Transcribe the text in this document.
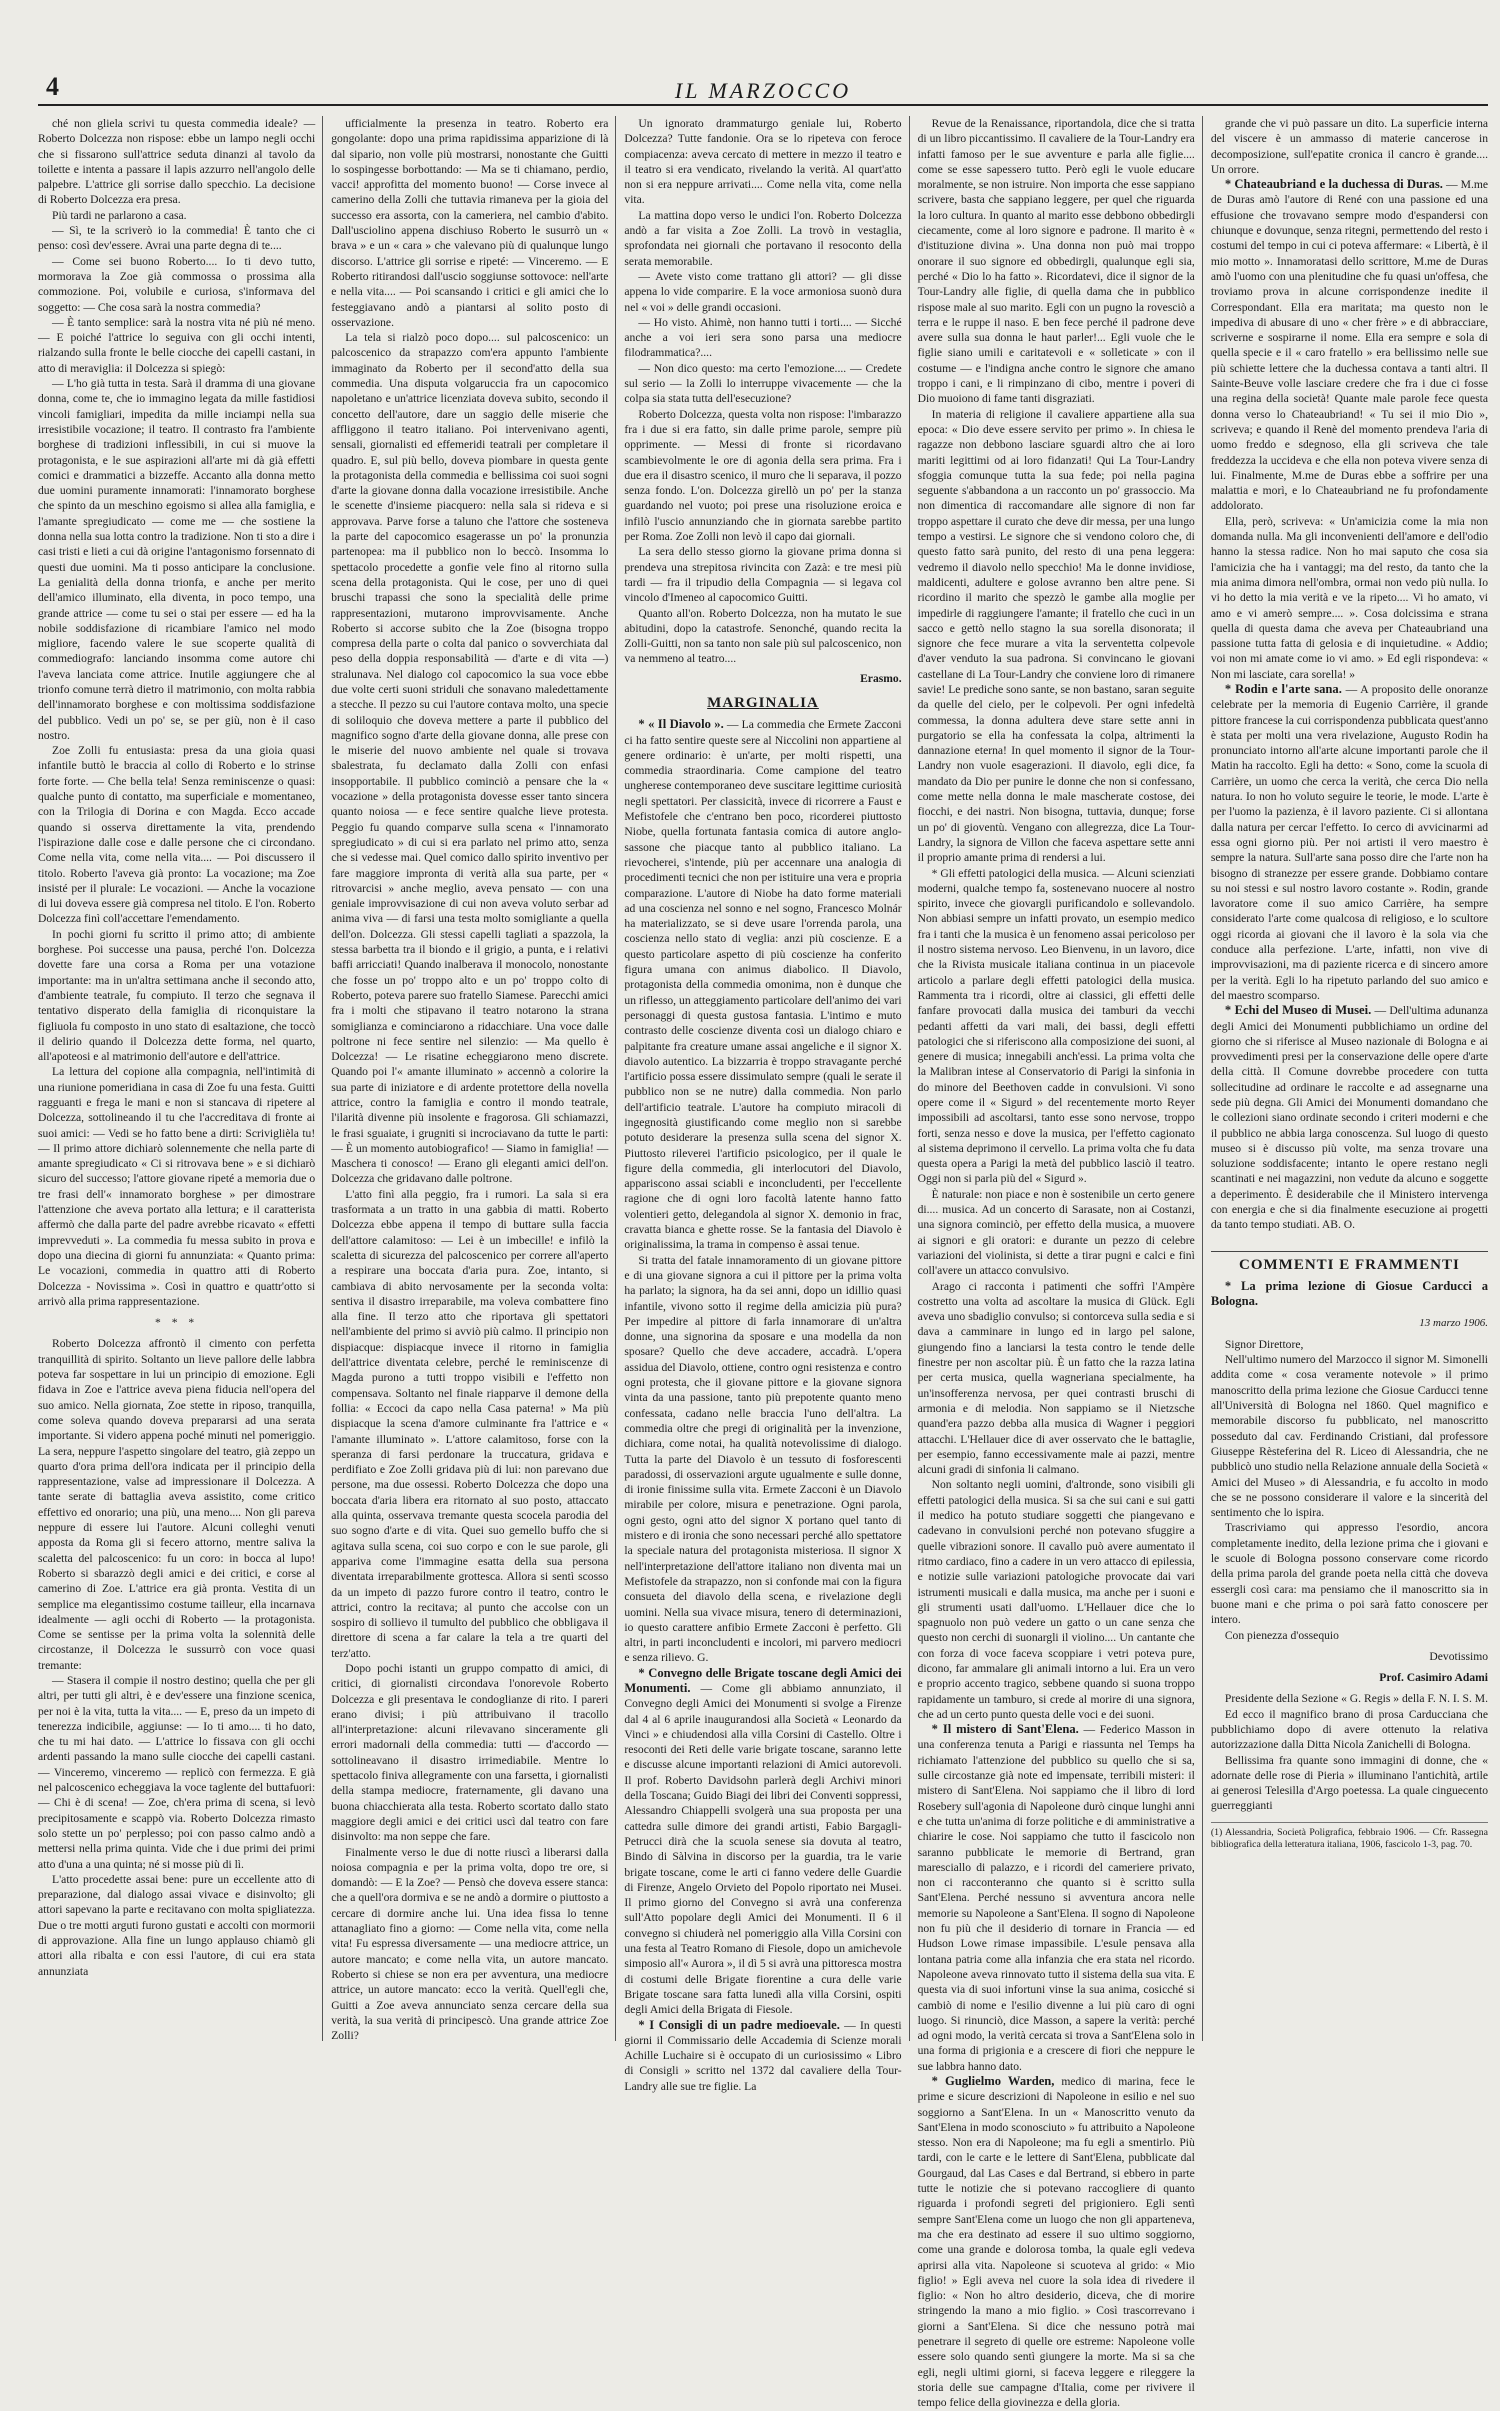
4	IL MARZOCCO

ché non gliela scrivi tu questa commedia ideale? — Roberto Dolcezza non rispose: ebbe un lampo negli occhi che si fissarono sull'attrice seduta dinanzi al tavolo da toilette e intenta a passare il lapis azzurro nell'angolo delle palpebre. L'attrice gli sorrise dallo specchio. La decisione di Roberto Dolcezza era presa.

Più tardi ne parlarono a casa.

— Sì, te la scriverò io la commedia! È tanto che ci penso: così dev'essere. Avrai una parte degna di te....

— Come sei buono Roberto.... Io ti devo tutto, mormorava la Zoe già commossa o prossima alla commozione. Poi, volubile e curiosa, s'informava del soggetto: — Che cosa sarà la nostra commedia?

— È tanto semplice: sarà la nostra vita né più né meno. — E poiché l'attrice lo seguiva con gli occhi intenti, rialzando sulla fronte le belle ciocche dei capelli castani, in atto di meraviglia: il Dolcezza si spiegò:

— L'ho già tutta in testa. Sarà il dramma di una giovane donna, come te, che io immagino legata da mille fastidiosi vincoli famigliari, impedita da mille inciampi nella sua irresistibile vocazione; il teatro. Il contrasto fra l'ambiente borghese di tradizioni inflessibili, in cui si muove la protagonista, e le sue aspirazioni all'arte mi dà già effetti comici e drammatici a bizzeffe. Accanto alla donna metto due uomini puramente innamorati: l'innamorato borghese che spinto da un meschino egoismo si allea alla famiglia, e l'amante spregiudicato — come me — che sostiene la donna nella sua lotta contro la tradizione. Non ti sto a dire i casi tristi e lieti a cui dà origine l'antagonismo forsennato di questi due uomini. Ma ti posso anticipare la conclusione. La genialità della donna trionfa, e anche per merito dell'amico illuminato, ella diventa, in poco tempo, una grande attrice — come tu sei o stai per essere — ed ha la nobile soddisfazione di ricambiare l'amico nel modo migliore, facendo valere le sue scoperte qualità di commediografo: lanciando insomma come autore chi l'aveva lanciata come attrice. Inutile aggiungere che al trionfo comune terrà dietro il matrimonio, con molta rabbia dell'innamorato borghese e con moltissima soddisfazione del pubblico. Vedi un po' se, se per giù, non è il caso nostro.

Zoe Zolli fu entusiasta: presa da una gioia quasi infantile buttò le braccia al collo di Roberto e lo strinse forte forte. — Che bella tela! Senza reminiscenze o quasi: qualche punto di contatto, ma superficiale e momentaneo, con la Trilogia di Dorina e con Magda. Ecco accade quando si osserva direttamente la vita, prendendo l'ispirazione dalle cose e dalle persone che ci circondano. Come nella vita, come nella vita.... — Poi discussero il titolo. Roberto l'aveva già pronto: La vocazione; ma Zoe insisté per il plurale: Le vocazioni. — Anche la vocazione di lui doveva essere già compresa nel titolo. E l'on. Roberto Dolcezza finì coll'accettare l'emendamento.

In pochi giorni fu scritto il primo atto; di ambiente borghese. Poi successe una pausa, perché l'on. Dolcezza dovette fare una corsa a Roma per una votazione importante: ma in un'altra settimana anche il secondo atto, d'ambiente teatrale, fu compiuto. Il terzo che segnava il tentativo disperato della famiglia di riconquistare la figliuola fu composto in uno stato di esaltazione, che toccò il delirio quando il Dolcezza dette forma, nel quarto, all'apoteosi e al matrimonio dell'autore e dell'attrice.

La lettura del copione alla compagnia, nell'intimità di una riunione pomeridiana in casa di Zoe fu una festa. Guitti ragguanti e frega le mani e non si stancava di ripetere al Dolcezza, sottolineando il tu che l'accreditava di fronte ai suoi amici: — Vedi se ho fatto bene a dirti: Scriviglièla tu! — Il primo attore dichiarò solennemente che nella parte di amante spregiudicato « Ci si ritrovava bene » e si dichiarò sicuro del successo; l'attore giovane ripeté a memoria due o tre frasi dell'« innamorato borghese » per dimostrare l'attenzione che aveva portato alla lettura; e il caratterista affermò che dalla parte del padre avrebbe ricavato « effetti imprevveduti ». La commedia fu messa subito in prova e dopo una diecina di giorni fu annunziata: « Quanto prima: Le vocazioni, commedia in quattro atti di Roberto Dolcezza - Novissima ». Così in quattro e quattr'otto si arrivò alla prima rappresentazione.

* * *

Roberto Dolcezza affrontò il cimento con perfetta tranquillità di spirito. Soltanto un lieve pallore delle labbra poteva far sospettare in lui un principio di emozione. Egli fidava in Zoe e l'attrice aveva piena fiducia nell'opera del suo amico. Nella giornata, Zoe stette in riposo, tranquilla, come soleva quando doveva prepararsi ad una serata importante. Si videro appena poché minuti nel pomeriggio. La sera, neppure l'aspetto singolare del teatro, già zeppo un quarto d'ora prima dell'ora indicata per il principio della rappresentazione, valse ad impressionare il Dolcezza. A tante serate di battaglia aveva assistito, come critico effettivo ed onorario; una più, una meno.... Non gli pareva neppure di essere lui l'autore. Alcuni colleghi venuti apposta da Roma gli si fecero attorno, mentre saliva la scaletta del palcoscenico: fu un coro: in bocca al lupo! Roberto si sbarazzò degli amici e dei critici, e corse al camerino di Zoe. L'attrice era già pronta. Vestita di un semplice ma elegantissimo costume tailleur, ella incarnava idealmente — agli occhi di Roberto — la protagonista. Come se sentisse per la prima volta la solennità delle circostanze, il Dolcezza le sussurrò con voce quasi tremante:

— Stasera il compie il nostro destino; quella che per gli altri, per tutti gli altri, è e dev'essere una finzione scenica, per noi è la vita, tutta la vita.... — E, preso da un impeto di tenerezza indicibile, aggiunse: — Io ti amo.... ti ho dato, che tu mi hai dato. — L'attrice lo fissava con gli occhi ardenti passando la mano sulle ciocche dei capelli castani. — Vinceremo, vinceremo — replicò con fermezza. E già nel palcoscenico echeggiava la voce taglente del buttafuori: — Chi è di scena! — Zoe, ch'era prima di scena, si levò precipitosamente e scappò via. Roberto Dolcezza rimasto solo stette un po' perplesso; poi con passo calmo andò a mettersi nella prima quinta. Vide che i due primi dei primi atto d'una a una quinta; né si mosse più di lì.

L'atto procedette assai bene: pure un eccellente atto di preparazione, dal dialogo assai vivace e disinvolto; gli attori sapevano la parte e recitavano con molta spigliatezza. Due o tre motti arguti furono gustati e accolti con mormorii di approvazione. Alla fine un lungo applauso chiamò gli attori alla ribalta e con essi l'autore, di cui era stata annunziata

ufficialmente la presenza in teatro. Roberto era gongolante: dopo una prima rapidissima apparizione di là dal sipario, non volle più mostrarsi, nonostante che Guitti lo sospingesse borbottando: — Ma se ti chiamano, perdio, vacci! approfitta del momento buono! — Corse invece al camerino della Zolli che tuttavia rimaneva per la gioia del successo era assorta, con la cameriera, nel cambio d'abito. Dall'usciolino appena dischiuso Roberto le susurrò un « brava » e un « cara » che valevano più di qualunque lungo discorso. L'attrice gli sorrise e ripeté: — Vinceremo. — E Roberto ritirandosi dall'uscio soggiunse sottovoce: nell'arte e nella vita.... — Poi scansando i critici e gli amici che lo festeggiavano andò a piantarsi al solito posto di osservazione.

La tela si rialzò poco dopo.... sul palcoscenico: un palcoscenico da strapazzo com'era appunto l'ambiente immaginato da Roberto per il second'atto della sua commedia. Una disputa volgaruccia fra un capocomico napoletano e un'attrice licenziata doveva subito, secondo il concetto dell'autore, dare un saggio delle miserie che affliggono il teatro italiano. Poi intervenivano agenti, sensali, giornalisti ed effemeridi teatrali per completare il quadro. E, sul più bello, doveva piombare in questa gente la protagonista della commedia e bellissima coi suoi sogni d'arte la giovane donna dalla vocazione irresistibile. Anche le scenette d'insieme piacquero: nella sala si rideva e si approvava. Parve forse a taluno che l'attore che sosteneva la parte del capocomico esagerasse un po' la pronunzia partenopea: ma il pubblico non lo beccò. Insomma lo spettacolo procedette a gonfie vele fino al ritorno sulla scena della protagonista. Qui le cose, per uno di quei bruschi trapassi che sono la specialità delle prime rappresentazioni, mutarono improvvisamente. Anche Roberto si accorse subito che la Zoe (bisogna troppo compresa della parte o colta dal panico o sovverchiata dal peso della doppia responsabilità — d'arte e di vita —) stralunava. Nel dialogo col capocomico la sua voce ebbe due volte certi suoni striduli che sonavano maledettamente a stecche. Il pezzo su cui l'autore contava molto, una specie di soliloquio che doveva mettere a parte il pubblico del magnifico sogno d'arte della giovane donna, alle prese con le miserie del nuovo ambiente nel quale si trovava sbalestrata, fu declamato dalla Zolli con enfasi insopportabile. Il pubblico cominciò a pensare che la « vocazione » della protagonista dovesse esser tanto sincera quanto noiosa — e fece sentire qualche lieve protesta. Peggio fu quando comparve sulla scena « l'innamorato spregiudicato » di cui si era parlato nel primo atto, senza che si vedesse mai. Quel comico dallo spirito inventivo per fare maggiore impronta di verità alla sua parte, per « ritrovarcisi » anche meglio, aveva pensato — con una geniale improvvisazione di cui non aveva voluto serbar ad anima viva — di farsi una testa molto somigliante a quella dell'on. Dolcezza. Gli stessi capelli tagliati a spazzola, la stessa barbetta tra il biondo e il grigio, a punta, e i relativi baffi arricciati! Quando inalberava il monocolo, nonostante che fosse un po' troppo alto e un po' troppo colto di Roberto, poteva parere suo fratello Siamese. Parecchi amici fra i molti che stipavano il teatro notarono la strana somiglianza e cominciarono a ridacchiare. Una voce dalle poltrone ni fece sentire nel silenzio: — Ma quello è Dolcezza! — Le risatine echeggiarono meno discrete. Quando poi l'« amante illuminato » accennò a colorire la sua parte di iniziatore e di ardente protettore della novella attrice, contro la famiglia e contro il mondo teatrale, l'ilarità divenne più insolente e fragorosa. Gli schiamazzi, le frasi sguaiate, i grugniti si incrociavano da tutte le parti: — È un momento autobiografico! — Siamo in famiglia! — Maschera ti conosco! — Erano gli eleganti amici dell'on. Dolcezza che gridavano dalle poltrone.

L'atto finì alla peggio, fra i rumori. La sala si era trasformata a un tratto in una gabbia di matti. Roberto Dolcezza ebbe appena il tempo di buttare sulla faccia dell'attore calamitoso: — Lei è un imbecille! e infilò la scaletta di sicurezza del palcoscenico per correre all'aperto a respirare una boccata d'aria pura. Zoe, intanto, si cambiava di abito nervosamente per la seconda volta: sentiva il disastro irreparabile, ma voleva combattere fino alla fine. Il terzo atto che riportava gli spettatori nell'ambiente del primo si avviò più calmo. Il principio non dispiacque: dispiacque invece il ritorno in famiglia dell'attrice diventata celebre, perché le reminiscenze di Magda purono a tutti troppo visibili e l'effetto non compensava. Soltanto nel finale riapparve il demone della follia: « Eccoci da capo nella Casa paterna! » Ma più dispiacque la scena d'amore culminante fra l'attrice e « l'amante illuminato ». L'attore calamitoso, forse con la speranza di farsi perdonare la truccatura, gridava e perdifiato e Zoe Zolli gridava più di lui: non parevano due persone, ma due ossessi. Roberto Dolcezza che dopo una boccata d'aria libera era ritornato al suo posto, attaccato alla quinta, osservava tremante questa scocela parodia del suo sogno d'arte e di vita. Quei suo gemello buffo che si agitava sulla scena, coi suo corpo e con le sue parole, gli appariva come l'immagine esatta della sua persona diventata irreparabilmente grottesca. Allora si sentì scosso da un impeto di pazzo furore contro il teatro, contro le attrici, contro la recitava; al punto che accolse con un sospiro di sollievo il tumulto del pubblico che obbligava il direttore di scena a far calare la tela a tre quarti del terz'atto.

Dopo pochi istanti un gruppo compatto di amici, di critici, di giornalisti circondava l'onorevole Roberto Dolcezza e gli presentava le condoglianze di rito. I pareri erano divisi; i più attribuivano il tracollo all'interpretazione: alcuni rilevavano sinceramente gli errori madornali della commedia: tutti — d'accordo — sottolineavano il disastro irrimediabile. Mentre lo spettacolo finiva allegramente con una farsetta, i giornalisti della stampa mediocre, fraternamente, gli davano una buona chiacchierata alla testa. Roberto scortato dallo stato maggiore degli amici e dei critici uscì dal teatro con fare disinvolto: ma non seppe che fare.

Finalmente verso le due di notte riuscì a liberarsi dalla noiosa compagnia e per la prima volta, dopo tre ore, si domandò: — E la Zoe? — Pensò che doveva essere stanca: che a quell'ora dormiva e se ne andò a dormire o piuttosto a cercare di dormire anche lui. Una idea fissa lo tenne attanagliato fino a giorno: — Come nella vita, come nella vita! Fu espressa diversamente — una mediocre attrice, un autore mancato; e come nella vita, un autore mancato. Roberto si chiese se non era per avventura, una mediocre attrice, un autore mancato: ecco la verità. Quell'egli che, Guitti a Zoe aveva annunciato senza cercare della sua verità, la sua verità di principescò. Una grande attrice Zoe Zolli?

Un ignorato drammaturgo geniale lui, Roberto Dolcezza? Tutte fandonie. Ora se lo ripeteva con feroce compiacenza: aveva cercato di mettere in mezzo il teatro e il teatro si era vendicato, rivelando la verità. Al quart'atto non si era neppure arrivati.... Come nella vita, come nella vita.

La mattina dopo verso le undici l'on. Roberto Dolcezza andò a far visita a Zoe Zolli. La trovò in vestaglia, sprofondata nei giornali che portavano il resoconto della serata memorabile.

— Avete visto come trattano gli attori? — gli disse appena lo vide comparire. E la voce armoniosa suonò dura nel « voi » delle grandi occasioni.

— Ho visto. Ahimè, non hanno tutti i torti.... — Sicché anche a voi ieri sera sono parsa una mediocre filodrammatica?....

— Non dico questo: ma certo l'emozione.... — Credete sul serio — la Zolli lo interruppe vivacemente — che la colpa sia stata tutta dell'esecuzione?

Roberto Dolcezza, questa volta non rispose: l'imbarazzo fra i due si era fatto, sin dalle prime parole, sempre più opprimente. — Messi di fronte si ricordavano scambievolmente le ore di agonia della sera prima. Fra i due era il disastro scenico, il muro che li separava, il pozzo senza fondo. L'on. Dolcezza girellò un po' per la stanza guardando nel vuoto; poi prese una risoluzione eroica e infilò l'uscio annunziando che in giornata sarebbe partito per Roma. Zoe Zolli non levò il capo dai giornali.

La sera dello stesso giorno la giovane prima donna si prendeva una strepitosa rivincita con Zazà: e tre mesi più tardi — fra il tripudio della Compagnia — si legava col vincolo d'Imeneo al capocomico Guitti.

Quanto all'on. Roberto Dolcezza, non ha mutato le sue abitudini, dopo la catastrofe. Senonché, quando recita la Zolli-Guitti, non sa tanto non sale più sul palcoscenico, non va nemmeno al teatro....

Erasmo.
MARGINALIA

* « Il Diavolo ». — La commedia che Ermete Zacconi ci ha fatto sentire queste sere al Niccolini non appartiene al genere ordinario: è un'arte, per molti rispetti, una commedia straordinaria. Come campione del teatro ungherese contemporaneo deve suscitare legittime curiosità negli spettatori. Per classicità, invece di ricorrere a Faust e Mefistofele che c'entrano ben poco, ricorderei piuttosto Niobe, quella fortunata fantasia comica di autore anglo-sassone che piacque tanto al pubblico italiano. La rievocherei, s'intende, più per accennare una analogia di procedimenti tecnici che non per istituire una vera e propria comparazione. L'autore di Niobe ha dato forme materiali ad una coscienza nel sonno e nel sogno, Francesco Molnár ha materializzato, se si deve usare l'orrenda parola, una coscienza nello stato di veglia: anzi più coscienze. E a questo particolare aspetto di più coscienze ha conferito figura umana con animus diabolico. Il Diavolo, protagonista della commedia omonima, non è dunque che un riflesso, un atteggiamento particolare dell'animo dei vari personaggi di questa gustosa fantasia. L'intimo e muto contrasto delle coscienze diventa così un dialogo chiaro e palpitante fra creature umane assai angeliche e il signor X. diavolo autentico. La bizzarria è troppo stravagante perché l'artificio possa essere dissimulato sempre (quali le serate il pubblico non se ne nutre) dalla commedia. Non parlo dell'artificio teatrale. L'autore ha compiuto miracoli di ingegnosità giustificando come meglio non si sarebbe potuto desiderare la presenza sulla scena del signor X. Piuttosto rileverei l'artificio psicologico, per il quale le figure della commedia, gli interlocutori del Diavolo, appariscono assai sciabli e inconcludenti, per l'eccellente ragione che di ogni loro facoltà latente hanno fatto volentieri getto, delegandola al signor X. demonio in frac, cravatta bianca e ghette rosse. Se la fantasia del Diavolo è originalissima, la trama in compenso è assai tenue.

Si tratta del fatale innamoramento di un giovane pittore e di una giovane signora a cui il pittore per la prima volta ha parlato; la signora, ha da sei anni, dopo un idillio quasi infantile, vivono sotto il regime della amicizia più pura? Per impedire al pittore di farla innamorare di un'altra donne, una signorina da sposare e una modella da non sposare? Quello che deve accadere, accadrà. L'opera assidua del Diavolo, ottiene, contro ogni resistenza e contro ogni protesta, che il giovane pittore e la giovane signora vinta da una passione, tanto più prepotente quanto meno confessata, cadano nelle braccia l'uno dell'altra. La commedia oltre che pregi di originalità per la invenzione, dichiara, come notai, ha qualità notevolissime di dialogo. Tutta la parte del Diavolo è un tessuto di fosforescenti paradossi, di osservazioni argute ugualmente e sulle donne, di ironie finissime sulla vita. Ermete Zacconi è un Diavolo mirabile per colore, misura e penetrazione. Ogni parola, ogni gesto, ogni atto del signor X portano quel tanto di mistero e di ironia che sono necessari perché allo spettatore la speciale natura del protagonista misteriosa. Il signor X nell'interpretazione dell'attore italiano non diventa mai un Mefistofele da strapazzo, non si confonde mai con la figura consueta del diavolo della scena, e rivelazione degli uomini. Nella sua vivace misura, tenero di determinazioni, io questo carattere anfibio Ermete Zacconi è perfetto. Gli altri, in parti inconcludenti e incolori, mi parvero mediocri e senza rilievo. G.

* Convegno delle Brigate toscane degli Amici dei Monumenti. — Come gli abbiamo annunziato, il Convegno degli Amici dei Monumenti si svolge a Firenze dal 4 al 6 aprile inaugurandosi alla Società « Leonardo da Vinci » e chiudendosi alla villa Corsini di Castello. Oltre i resoconti dei Reti delle varie brigate toscane, saranno lette e discusse alcune importanti relazioni di Amici autorevoli. Il prof. Roberto Davidsohn parlerà degli Archivi minori della Toscana; Guido Biagi dei libri dei Conventi soppressi, Alessandro Chiappelli svolgerà una sua proposta per una cattedra sulle dimore dei grandi artisti, Fabio Bargagli-Petrucci dirà che la scuola senese sia dovuta al teatro, Bindo di Sàlvina in discorso per la guardia, tra le varie brigate toscane, come le arti ci fanno vedere delle Guardie di Firenze, Angelo Orvieto del Popolo riportato nei Musei. Il primo giorno del Convegno si avrà una conferenza sull'Atto popolare degli Amici dei Monumenti. Il 6 il convegno si chiuderà nel pomeriggio alla Villa Corsini con una festa al Teatro Romano di Fiesole, dopo un amichevole simposio all'« Aurora », il dì 5 si avrà una pittoresca mostra di costumi delle Brigate fiorentine a cura delle varie Brigate toscane sara fatta lunedì alla villa Corsini, ospiti degli Amici della Brigata di Fiesole.

* I Consigli di un padre medioevale. — In questi giorni il Commissario delle Accademia di Scienze morali Achille Luchaire si è occupato di un curiosissimo « Libro di Consigli » scritto nel 1372 dal cavaliere della Tour-Landry alle sue tre figlie. La

Revue de la Renaissance, riportandola, dice che si tratta di un libro piccantissimo. Il cavaliere de la Tour-Landry era infatti famoso per le sue avventure e parla alle figlie.... come se esse sapessero tutto. Però egli le vuole educare moralmente, se non istruire. Non importa che esse sappiano scrivere, basta che sappiano leggere, per quel che riguarda la loro cultura. In quanto al marito esse debbono obbedirgli ciecamente, come al loro signore e padrone. Il marito è « d'istituzione divina ». Una donna non può mai troppo onorare il suo signore ed obbedirgli, qualunque egli sia, perché « Dio lo ha fatto ». Ricordatevi, dice il signor de la Tour-Landry alle figlie, di quella dama che in pubblico rispose male al suo marito. Egli con un pugno la rovesciò a terra e le ruppe il naso. E ben fece perché il padrone deve avere sulla sua donna le haut parler!... Egli vuole che le figlie siano umili e caritatevoli e « solleticate » con il costume — e l'indigna anche contro le signore che amano troppo i cani, e li rimpinzano di cibo, mentre i poveri di Dio muoiono di fame tanti disgraziati.

In materia di religione il cavaliere appartiene alla sua epoca: « Dio deve essere servito per primo ». In chiesa le ragazze non debbono lasciare sguardi altro che ai loro mariti legittimi od ai loro fidanzati! Qui La Tour-Landry sfoggia comunque tutta la sua fede; poi nella pagina seguente s'abbandona a un racconto un po' grassoccio. Ma non dimentica di raccomandare alle signore di non far troppo aspettare il curato che deve dir messa, per una lungo tempo a vestirsi. Le signore che si vendono coloro che, di questo fatto sarà punito, del resto di una pena leggera: vedremo il diavolo nello specchio! Ma le donne invidiose, maldicenti, adultere e golose avranno ben altre pene. Si ricordino il marito che spezzò le gambe alla moglie per impedirle di raggiungere l'amante; il fratello che cucì in un sacco e gettò nello stagno la sua sorella disonorata; il signore che fece murare a vita la serventetta colpevole d'aver venduto la sua padrona. Si convincano le giovani castellane di La Tour-Landry che conviene loro di rimanere savie! Le prediche sono sante, se non bastano, saran seguite da quelle del cielo, per le colpevoli. Per ogni infedeltà commessa, la donna adultera deve stare sette anni in purgatorio se ella ha confessata la colpa, altrimenti la dannazione eterna! In quel momento il signor de la Tour-Landry non vuole esagerazioni. Il diavolo, egli dice, fa mandato da Dio per punire le donne che non si confessano, come mette nella donna le male mascherate costose, dei fiocchi, e dei nastri. Non bisogna, tuttavia, dunque; forse un po' di gioventù. Vengano con allegrezza, dice La Tour-Landry, la signora de Villon che faceva aspettare sette anni il proprio amante prima di rendersi a lui.

* Gli effetti patologici della musica. — Alcuni scienziati moderni, qualche tempo fa, sostenevano nuocere al nostro spirito, invece che giovargli purificandolo e sollevandolo. Non abbiasi sempre un infatti provato, un esempio medico fra i tanti che la musica è un fenomeno assai pericoloso per il nostro sistema nervoso. Leo Bienvenu, in un lavoro, dice che la Rivista musicale italiana continua in un piacevole articolo a parlare degli effetti patologici della musica. Rammenta tra i ricordi, oltre ai classici, gli effetti delle fanfare provocati dalla musica dei tamburi da vecchi pedanti affetti da vari mali, dei bassi, degli effetti patologici che si riferiscono alla composizione dei suoni, al genere di musica; innegabili anch'essi. La prima volta che la Malibran intese al Conservatorio di Parigi la sinfonia in do minore del Beethoven cadde in convulsioni. Vi sono opere come il « Sigurd » del recentemente morto Reyer impossibili ad ascoltarsi, tanto esse sono nervose, troppo forti, senza nesso e dove la musica, per l'effetto cagionato al sistema deprimono il cervello. La prima volta che fu data questa opera a Parigi la metà del pubblico lasciò il teatro. Oggi non si parla più del « Sigurd ».

È naturale: non piace e non è sostenibile un certo genere di.... musica. Ad un concerto di Sarasate, non ai Costanzi, una signora cominciò, per effetto della musica, a muovere ai signori e gli oratori: e durante un pezzo di celebre variazioni del violinista, si dette a tirar pugni e calci e finì coll'avere un attacco convulsivo.

Arago ci racconta i patimenti che soffrì l'Ampère costretto una volta ad ascoltare la musica di Glück. Egli aveva uno sbadiglio convulso; si contorceva sulla sedia e si dava a camminare in lungo ed in largo pel salone, giungendo fino a lanciarsi la testa contro le tende delle finestre per non ascoltar più. È un fatto che la razza latina per certa musica, quella wagneriana specialmente, ha un'insofferenza nervosa, per quei contrasti bruschi di armonia e di melodia. Non sappiamo se il Nietzsche quand'era pazzo debba alla musica di Wagner i peggiori attacchi. L'Hellauer dice di aver osservato che le battaglie, per esempio, fanno eccessivamente male ai pazzi, mentre alcuni gradi di sinfonia li calmano.

Non soltanto negli uomini, d'altronde, sono visibili gli effetti patologici della musica. Si sa che sui cani e sui gatti il medico ha potuto studiare soggetti che piangevano e cadevano in convulsioni perché non potevano sfuggire a quelle vibrazioni sonore. Il cavallo può avere aumentato il ritmo cardiaco, fino a cadere in un vero attacco di epilessia, e notizie sulle variazioni patologiche provocate dai vari istrumenti musicali e dalla musica, ma anche per i suoni e gli strumenti usati dall'uomo. L'Hellauer dice che lo spagnuolo non può vedere un gatto o un cane senza che questo non cerchi di suonargli il violino.... Un cantante che con forza di voce faceva scoppiare i vetri poteva pure, dicono, far ammalare gli animali intorno a lui. Era un vero e proprio accento tragico, sebbene quando si suona troppo rapidamente un tamburo, si crede al morire di una signora, che ad un certo punto questa delle voci e dei suoni.

* Il mistero di Sant'Elena. — Federico Masson in una conferenza tenuta a Parigi e riassunta nel Temps ha richiamato l'attenzione del pubblico su quello che si sa, sulle circostanze già note ed impensate, terribili misteri: il mistero di Sant'Elena. Noi sappiamo che il libro di lord Rosebery sull'agonia di Napoleone durò cinque lunghi anni e che tutta un'anima di forze politiche e di amministrative a chiarire le cose. Noi sappiamo che tutto il fascicolo non saranno pubblicate le memorie di Bertrand, gran maresciallo di palazzo, e i ricordi del cameriere privato, non ci racconteranno che quanto si è scritto sulla Sant'Elena. Perché nessuno si avventura ancora nelle memorie su Napoleone a Sant'Elena. Il sogno di Napoleone non fu più che il desiderio di tornare in Francia — ed Hudson Lowe rimase impassibile. L'esule pensava alla lontana patria come alla infanzia che era stata nel ricordo. Napoleone aveva rinnovato tutto il sistema della sua vita. E questa via di suoi infortuni vinse la sua anima, cosicché si cambiò di nome e l'esilio divenne a lui più caro di ogni luogo. Si rinunciò, dice Masson, a sapere la verità: perché ad ogni modo, la verità cercata si trova a Sant'Elena solo in una forma di prigionia e a crescere di fiori che neppure le sue labbra hanno dato.

* Guglielmo Warden, medico di marina, fece le prime e sicure descrizioni di Napoleone in esilio e nel suo soggiorno a Sant'Elena. In un « Manoscritto venuto da Sant'Elena in modo sconosciuto » fu attribuito a Napoleone stesso. Non era di Napoleone; ma fu egli a smentirlo. Più tardi, con le carte e le lettere di Sant'Elena, pubblicate dal Gourgaud, dal Las Cases e dal Bertrand, si ebbero in parte tutte le notizie che si potevano raccogliere di quanto riguarda i profondi segreti del prigioniero. Egli sentì sempre Sant'Elena come un luogo che non gli apparteneva, ma che era destinato ad essere il suo ultimo soggiorno, come una grande e dolorosa tomba, la quale egli vedeva aprirsi alla vita. Napoleone si scuoteva al grido: « Mio figlio! » Egli aveva nel cuore la sola idea di rivedere il figlio: « Non ho altro desiderio, diceva, che di morire stringendo la mano a mio figlio. » Così trascorrevano i giorni a Sant'Elena. Si dice che nessuno potrà mai penetrare il segreto di quelle ore estreme: Napoleone volle essere solo quando sentì giungere la morte. Ma si sa che egli, negli ultimi giorni, si faceva leggere e rileggere la storia delle sue campagne d'Italia, come per rivivere il tempo felice della giovinezza e della gloria.

grande che vi può passare un dito. La superficie interna del viscere è un ammasso di materie cancerose in decomposizione, sull'epatite cronica il cancro è grande.... Un orrore.

* Chateaubriand e la duchessa di Duras. — M.me de Duras amò l'autore di René con una passione ed una effusione che trovavano sempre modo d'espandersi con chiunque e dovunque, senza ritegni, permettendo del resto i costumi del tempo in cui ci poteva affermare: « Libertà, è il mio motto ». Innamoratasi dello scrittore, M.me de Duras amò l'uomo con una plenitudine che fu quasi un'offesa, che troviamo prova in alcune corrispondenze inedite il Correspondant. Ella era maritata; ma questo non le impediva di abusare di uno « cher frère » e di abbracciare, scriverne e sospirarne il nome. Ella era sempre e sola di quella specie e il « caro fratello » era bellissimo nelle sue più schiette lettere che la duchessa contava a tanti altri. Il Sainte-Beuve volle lasciare credere che fra i due ci fosse una regina della società! Quante male parole fece questa donna verso lo Chateaubriand! « Tu sei il mio Dio », scriveva; e quando il Renè del momento prendeva l'aria di uomo freddo e sdegnoso, ella gli scriveva che tale freddezza la uccideva e che ella non poteva vivere senza di lui. Finalmente, M.me de Duras ebbe a soffrire per una malattia e morì, e lo Chateaubriand ne fu profondamente addolorato.

Ella, però, scriveva: « Un'amicizia come la mia non domanda nulla. Ma gli inconvenienti dell'amore e dell'odio hanno la stessa radice. Non ho mai saputo che cosa sia l'amicizia che ha i vantaggi; ma del resto, da tanto che la mia anima dimora nell'ombra, ormai non vedo più nulla. Io vi ho detto la mia verità e ve la ripeto.... Vi ho amato, vi amo e vi amerò sempre.... ». Cosa dolcissima e strana quella di questa dama che aveva per Chateaubriand una passione tutta fatta di gelosia e di inquietudine. « Addio; voi non mi amate come io vi amo. » Ed egli rispondeva: « Non mi lasciate, cara sorella! »

* Rodin e l'arte sana. — A proposito delle onoranze celebrate per la memoria di Eugenio Carrière, il grande pittore francese la cui corrispondenza pubblicata quest'anno è stata per molti una vera rivelazione, Augusto Rodin ha pronunciato intorno all'arte alcune importanti parole che il Matin ha raccolto. Egli ha detto: « Sono, come la scuola di Carrière, un uomo che cerca la verità, che cerca Dio nella natura. Io non ho voluto seguire le teorie, le mode. L'arte è per l'uomo la pazienza, è il lavoro paziente. Ci si allontana dalla natura per cercar l'effetto. Io cerco di avvicinarmi ad essa ogni giorno più. Per noi artisti il vero maestro è sempre la natura. Sull'arte sana posso dire che l'arte non ha bisogno di stranezze per essere grande. Dobbiamo contare su noi stessi e sul nostro lavoro costante ». Rodin, grande lavoratore come il suo amico Carrière, ha sempre considerato l'arte come qualcosa di religioso, e lo scultore oggi ricorda ai giovani che il lavoro è la sola via che conduce alla perfezione. L'arte, infatti, non vive di improvvisazioni, ma di paziente ricerca e di sincero amore per la verità. Egli lo ha ripetuto parlando del suo amico e del maestro scomparso.

* Echi del Museo di Musei. — Dell'ultima adunanza degli Amici dei Monumenti pubblichiamo un ordine del giorno che si riferisce al Museo nazionale di Bologna e ai provvedimenti presi per la conservazione delle opere d'arte della città. Il Comune dovrebbe procedere con tutta sollecitudine ad ordinare le raccolte e ad assegnarne una sede più degna. Gli Amici dei Monumenti domandano che le collezioni siano ordinate secondo i criteri moderni e che il pubblico ne abbia larga conoscenza. Sul luogo di questo museo si è discusso più volte, ma senza trovare una soluzione soddisfacente; intanto le opere restano negli scantinati e nei magazzini, non vedute da alcuno e soggette a deperimento. È desiderabile che il Ministero intervenga con energia e che si dia finalmente esecuzione ai progetti da tanto tempo studiati. AB. O.

COMMENTI E FRAMMENTI

* La prima lezione di Giosue Carducci a Bologna.

13 marzo 1906.

Signor Direttore,

Nell'ultimo numero del Marzocco il signor M. Simonelli addita come « cosa veramente notevole » il primo manoscritto della prima lezione che Giosue Carducci tenne all'Università di Bologna nel 1860. Quel magnifico e memorabile discorso fu pubblicato, nel manoscritto posseduto dal cav. Ferdinando Cristiani, dal professore Giuseppe Rèsteferina del R. Liceo di Alessandria, che ne pubblicò uno studio nella Relazione annuale della Società « Amici del Museo » di Alessandria, e fu accolto in modo che se ne possono considerare il valore e la sincerità del sentimento che lo ispira.

Trascriviamo qui appresso l'esordio, ancora completamente inedito, della lezione prima che i giovani e le scuole di Bologna possono conservare come ricordo della prima parola del grande poeta nella città che doveva essergli così cara: ma pensiamo che il manoscritto sia in buone mani e che prima o poi sarà fatto conoscere per intero.

Con pienezza d'ossequio

Devotissimo
Prof. Casimiro Adami
Presidente della Sezione « G. Regis » della F. N. I. S. M.

Ed ecco il magnifico brano di prosa Carducciana che pubblichiamo dopo di avere ottenuto la relativa autorizzazione dalla Ditta Nicola Zanichelli di Bologna.

Bellissima fra quante sono immagini di donne, che « adornate delle rose di Pieria » illuminano l'antichità, artile ai generosi Telesilla d'Argo poetessa. La quale cinguecento guerreggianti

(1) Alessandria, Società Poligrafica, febbraio 1906. — Cfr. Rassegna bibliografica della letteratura italiana, 1906, fascicolo 1-3, pag. 70.
